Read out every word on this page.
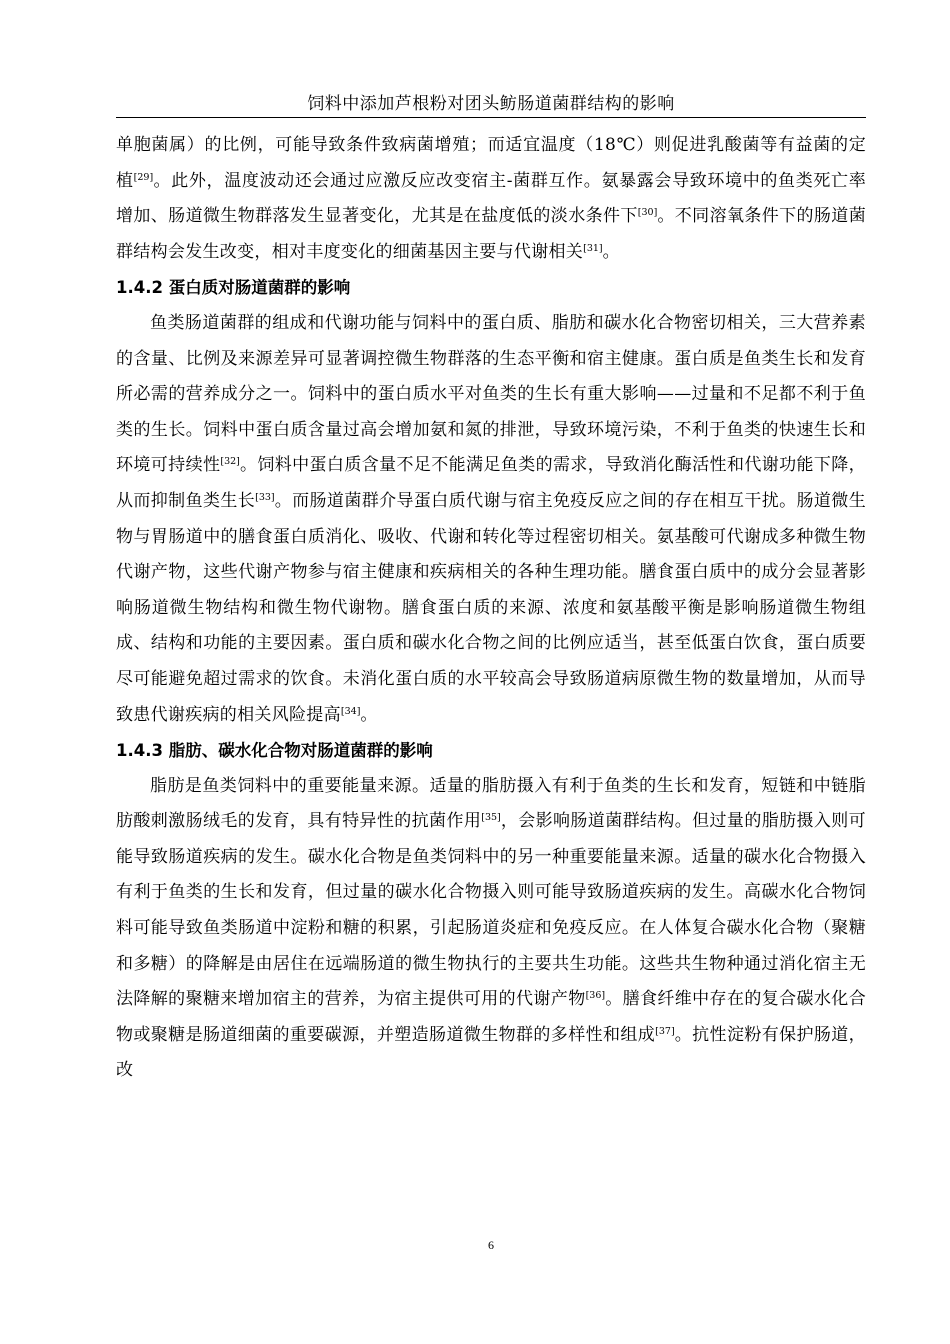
饲料中添加芦根粉对团头鲂肠道菌群结构的影响

单胞菌属）的比例，可能导致条件致病菌增殖；而适宜温度（18℃）则促进乳酸菌等有益菌的定植[29]。此外，温度波动还会通过应激反应改变宿主-菌群互作。氨暴露会导致环境中的鱼类死亡率增加、肠道微生物群落发生显著变化，尤其是在盐度低的淡水条件下[30]。不同溶氧条件下的肠道菌群结构会发生改变，相对丰度变化的细菌基因主要与代谢相关[31]。

1.4.2 蛋白质对肠道菌群的影响

鱼类肠道菌群的组成和代谢功能与饲料中的蛋白质、脂肪和碳水化合物密切相关，三大营养素的含量、比例及来源差异可显著调控微生物群落的生态平衡和宿主健康。蛋白质是鱼类生长和发育所必需的营养成分之一。饲料中的蛋白质水平对鱼类的生长有重大影响——过量和不足都不利于鱼类的生长。饲料中蛋白质含量过高会增加氨和氮的排泄，导致环境污染，不利于鱼类的快速生长和环境可持续性[32]。饲料中蛋白质含量不足不能满足鱼类的需求，导致消化酶活性和代谢功能下降，从而抑制鱼类生长[33]。而肠道菌群介导蛋白质代谢与宿主免疫反应之间的存在相互干扰。肠道微生物与胃肠道中的膳食蛋白质消化、吸收、代谢和转化等过程密切相关。氨基酸可代谢成多种微生物代谢产物，这些代谢产物参与宿主健康和疾病相关的各种生理功能。膳食蛋白质中的成分会显著影响肠道微生物结构和微生物代谢物。膳食蛋白质的来源、浓度和氨基酸平衡是影响肠道微生物组成、结构和功能的主要因素。蛋白质和碳水化合物之间的比例应适当，甚至低蛋白饮食，蛋白质要尽可能避免超过需求的饮食。未消化蛋白质的水平较高会导致肠道病原微生物的数量增加，从而导致患代谢疾病的相关风险提高[34]。

1.4.3 脂肪、碳水化合物对肠道菌群的影响

脂肪是鱼类饲料中的重要能量来源。适量的脂肪摄入有利于鱼类的生长和发育，短链和中链脂肪酸刺激肠绒毛的发育，具有特异性的抗菌作用[35]，会影响肠道菌群结构。但过量的脂肪摄入则可能导致肠道疾病的发生。碳水化合物是鱼类饲料中的另一种重要能量来源。适量的碳水化合物摄入有利于鱼类的生长和发育，但过量的碳水化合物摄入则可能导致肠道疾病的发生。高碳水化合物饲料可能导致鱼类肠道中淀粉和糖的积累，引起肠道炎症和免疫反应。在人体复合碳水化合物（聚糖和多糖）的降解是由居住在远端肠道的微生物执行的主要共生功能。这些共生物种通过消化宿主无法降解的聚糖来增加宿主的营养，为宿主提供可用的代谢产物[36]。膳食纤维中存在的复合碳水化合物或聚糖是肠道细菌的重要碳源，并塑造肠道微生物群的多样性和组成[37]。抗性淀粉有保护肠道，改

6
